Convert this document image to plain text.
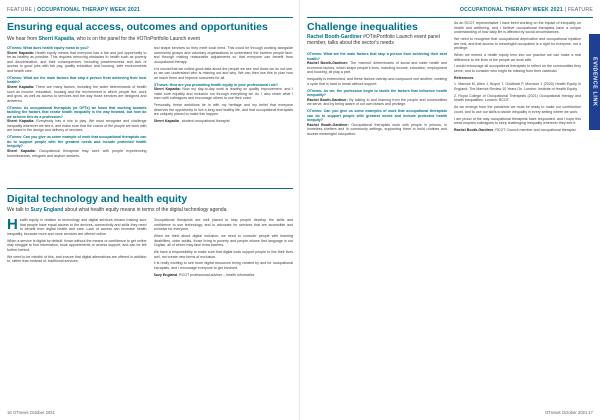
FEATURE | OCCUPATIONAL THERAPY WEEK 2021
Ensuring equal access, outcomes and opportunities
We hear from Sherri Kapadia, who is on the panel for the #OTinPortfolio Launch event

OTnews: What does health equity mean to you?
Sherri Kapadia: Health equity means that everyone has a fair and just opportunity to be as healthy as possible. This requires removing obstacles to health such as poverty and discrimination, and their consequences, including powerlessness and lack of access to good jobs with fair pay, quality education and housing, safe environments and health care.

OTnews: What are the main factors that stop a person from achieving their best health?
Sherri Kapadia: There are many factors, including the wider determinants of health such as income, education, housing and the environment in which people live, work and grow, as well as access to services and the way those services are designed and delivered.

OTnews: As occupational therapists (or OPTs) we know that working towards tackling the factors that create health inequality is the way forward, but how do we achieve this as a profession?
Sherri Kapadia: Everybody has a role to play. We must recognise and challenge inequality wherever we see it, and make sure that the voices of the people we work with are heard in the design and delivery of services.

OTnews: Can you give us some example of work that occupational therapists can do to support people with the greatest needs and include protected health inequity?
Sherri Kapadia: Occupational therapists may work with people experiencing homelessness, refugees and asylum seekers.

and shape services so they meet local need. This could be through working alongside community groups and voluntary organisations to understand the barriers people face, and through making reasonable adjustments so that everyone can benefit from occupational therapy.

It is crucial that we collect good data about the people we see and those we do not see, so we can understand who is missing out and why. We can then use this to plan how we reach them and improve outcomes for all.

OTnews: How are you promoting health equity in your professional role?
Sherri Kapadia: Now my day-to-day work is leading on quality improvement, and I make sure equality and inclusion run through everything we do. I also share what I learn with colleagues and encourage others to use their voice.

Personally, these ambitions tie in with my heritage and my belief that everyone deserves the opportunity to live a long and healthy life, and that occupational therapists are uniquely placed to make this happen.

Sherri Kapadia , student occupational therapist

Digital technology and health equity
We talk to Suzy England about what health equity means in terms of the digital technology agenda

Health equity in relation to technology and digital services means making sure that people have equal access to the devices, connectivity and skills they need to benefit from digital health and care. Lack of access can increase health inequality, because more and more services are offered online.

When a service is digital by default, those without the means or confidence to get online may struggle to find information, book appointments or access support, and can be left further behind.

We need to be mindful of this, and ensure that digital alternatives are offered in addition to, rather than instead of, traditional services.

Occupational therapists are well placed to help people develop the skills and confidence to use technology, and to advocate for services that are accessible and inclusive for everyone.

When we think about digital inclusion, we need to consider people with learning disabilities, older adults, those living in poverty and people whose first language is not English, all of whom may face extra barriers.

We have a responsibility to make sure that digital tools support people to live their lives well, not create new forms of exclusion.

It is really exciting to see more digital resources being created by and for occupational therapists, and I encourage everyone to get involved.

Suzy England, RCOT professional adviser – health informatics

16 OTnews October 2021
OCCUPATIONAL THERAPY WEEK 2021 | FEATURE
Challenge inequalities
Rachel Booth-Gardiner #OTinPortfolio Launch event panel member, talks about the sector's needs

OTnews: What are the main factors that stop a person from achieving their best health?
Rachel Booth-Gardiner: The 'marmot' determinants of social and wider health and economic factors, which shape people's lives, including income, education, employment and housing, all play a part.

Inequality is entrenched, and these factors overlap and compound one another, creating a cycle that is hard to break without support.

OTnews: As we, the profession begin to tackle the factors that influence health inequality?
Rachel Booth-Gardiner: By talking to and learning from the people and communities we serve, and by being aware of our own biases and privilege.

OTnews: Can you give us some examples of work that occupational therapists can do to support people with greatest needs and include protected health inequity?
Rachel Booth-Gardiner: Occupational therapists work with people in prisons, in homeless shelters and in community settings, supporting them to build routines and access meaningful occupation.

As an RCOT representative I have been working on the impact of inequality on health and wellbeing, and I believe occupational therapists have a unique understanding of how daily life is affected by social circumstances.

We need to recognise that occupational deprivation and occupational injustice are real, and that access to meaningful occupation is a right for everyone, not a privilege.

When we embed a health equity lens into our practice we can make a real difference to the lives of the people we work with.

I would encourage all occupational therapists to reflect on the communities they serve, and to consider who might be missing from their caseload.

References

1. Marmot M, Allen J, Boyce T, Goldblatt P, Morrison J (2020) Health Equity in England: The Marmot Review 10 Years On. London: Institute of Health Equity.

2. Royal College of Occupational Therapists (2021) Occupational therapy and health inequalities. London: RCOT.

As we emerge from the pandemic we must be ready to make our contribution count, and to use our skills to tackle inequality in every setting where we work.

I am proud of the way occupational therapists have responded, and I hope this week inspires colleagues to keep challenging inequality wherever they see it.

Rachel Booth-Gardiner, RCOT Council member and occupational therapist

EVIDENCE LINK
OTnews October 2021 17
